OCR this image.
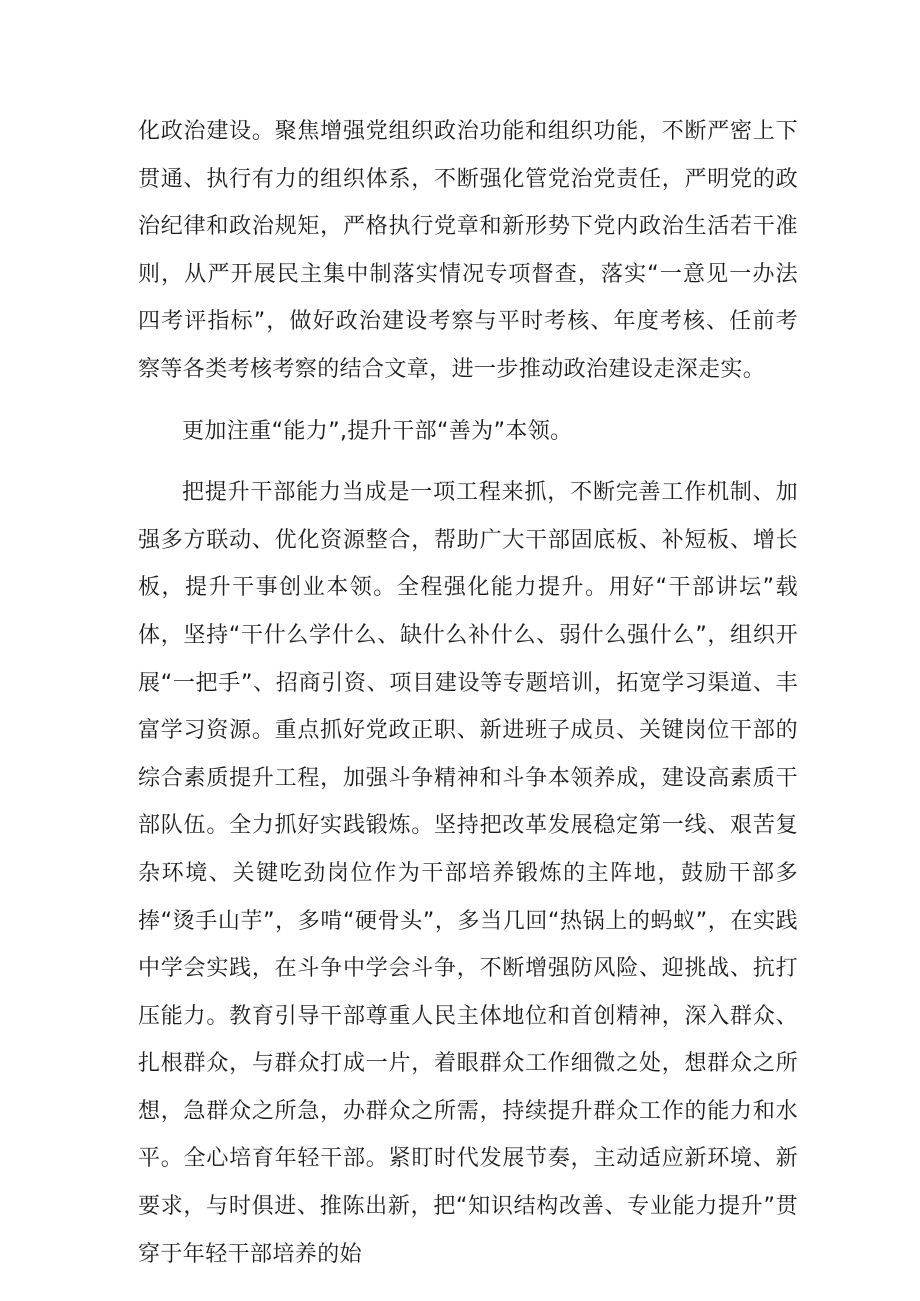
化政治建设。聚焦增强党组织政治功能和组织功能，不断严密上下贯通、执行有力的组织体系，不断强化管党治党责任，严明党的政治纪律和政治规矩，严格执行党章和新形势下党内政治生活若干准则，从严开展民主集中制落实情况专项督查，落实“一意见一办法四考评指标”，做好政治建设考察与平时考核、年度考核、任前考察等各类考核考察的结合文章，进一步推动政治建设走深走实。

更加注重“能力”,提升干部“善为”本领。

把提升干部能力当成是一项工程来抓，不断完善工作机制、加强多方联动、优化资源整合，帮助广大干部固底板、补短板、增长板，提升干事创业本领。全程强化能力提升。用好“干部讲坛”载体，坚持“干什么学什么、缺什么补什么、弱什么强什么”，组织开展“一把手”、招商引资、项目建设等专题培训，拓宽学习渠道、丰富学习资源。重点抓好党政正职、新进班子成员、关键岗位干部的综合素质提升工程，加强斗争精神和斗争本领养成，建设高素质干部队伍。全力抓好实践锻炼。坚持把改革发展稳定第一线、艰苦复杂环境、关键吃劲岗位作为干部培养锻炼的主阵地，鼓励干部多捧“烫手山芋”，多啃“硬骨头”，多当几回“热锅上的蚂蚁”，在实践中学会实践，在斗争中学会斗争，不断增强防风险、迎挑战、抗打压能力。教育引导干部尊重人民主体地位和首创精神，深入群众、扎根群众，与群众打成一片，着眼群众工作细微之处，想群众之所想，急群众之所急，办群众之所需，持续提升群众工作的能力和水平。全心培育年轻干部。紧盯时代发展节奏，主动适应新环境、新要求，与时俱进、推陈出新，把“知识结构改善、专业能力提升”贯穿于年轻干部培养的始
